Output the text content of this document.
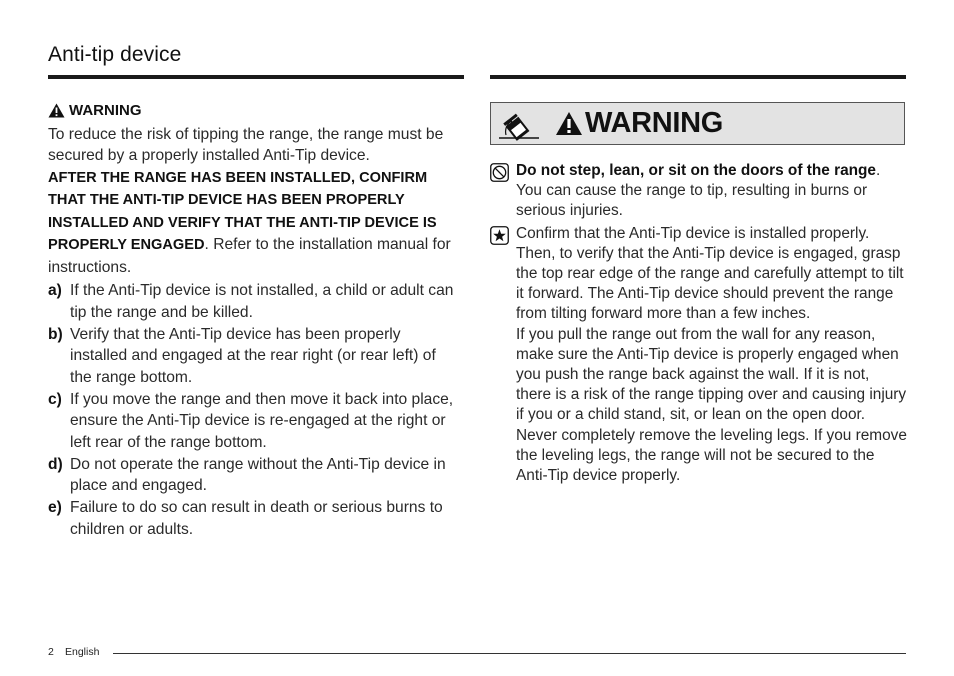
Anti-tip device
WARNING

To reduce the risk of tipping the range, the range must be secured by a properly installed Anti-Tip device.

AFTER THE RANGE HAS BEEN INSTALLED, CONFIRM THAT THE ANTI-TIP DEVICE HAS BEEN PROPERLY INSTALLED AND VERIFY THAT THE ANTI-TIP DEVICE IS PROPERLY ENGAGED. Refer to the installation manual for instructions.

a) If the Anti-Tip device is not installed, a child or adult can tip the range and be killed.
b) Verify that the Anti-Tip device has been properly installed and engaged at the rear right (or rear left) of the range bottom.
c) If you move the range and then move it back into place, ensure the Anti-Tip device is re-engaged at the right or left rear of the range bottom.
d) Do not operate the range without the Anti-Tip device in place and engaged.
e) Failure to do so can result in death or serious burns to children or adults.
WARNING

Do not step, lean, or sit on the doors of the range.
You can cause the range to tip, resulting in burns or serious injuries.

Confirm that the Anti-Tip device is installed properly. Then, to verify that the Anti-Tip device is engaged, grasp the top rear edge of the range and carefully attempt to tilt it forward. The Anti-Tip device should prevent the range from tilting forward more than a few inches.

If you pull the range out from the wall for any reason, make sure the Anti-Tip device is properly engaged when you push the range back against the wall. If it is not, there is a risk of the range tipping over and causing injury if you or a child stand, sit, or lean on the open door.

Never completely remove the leveling legs. If you remove the leveling legs, the range will not be secured to the Anti-Tip device properly.

2 English
